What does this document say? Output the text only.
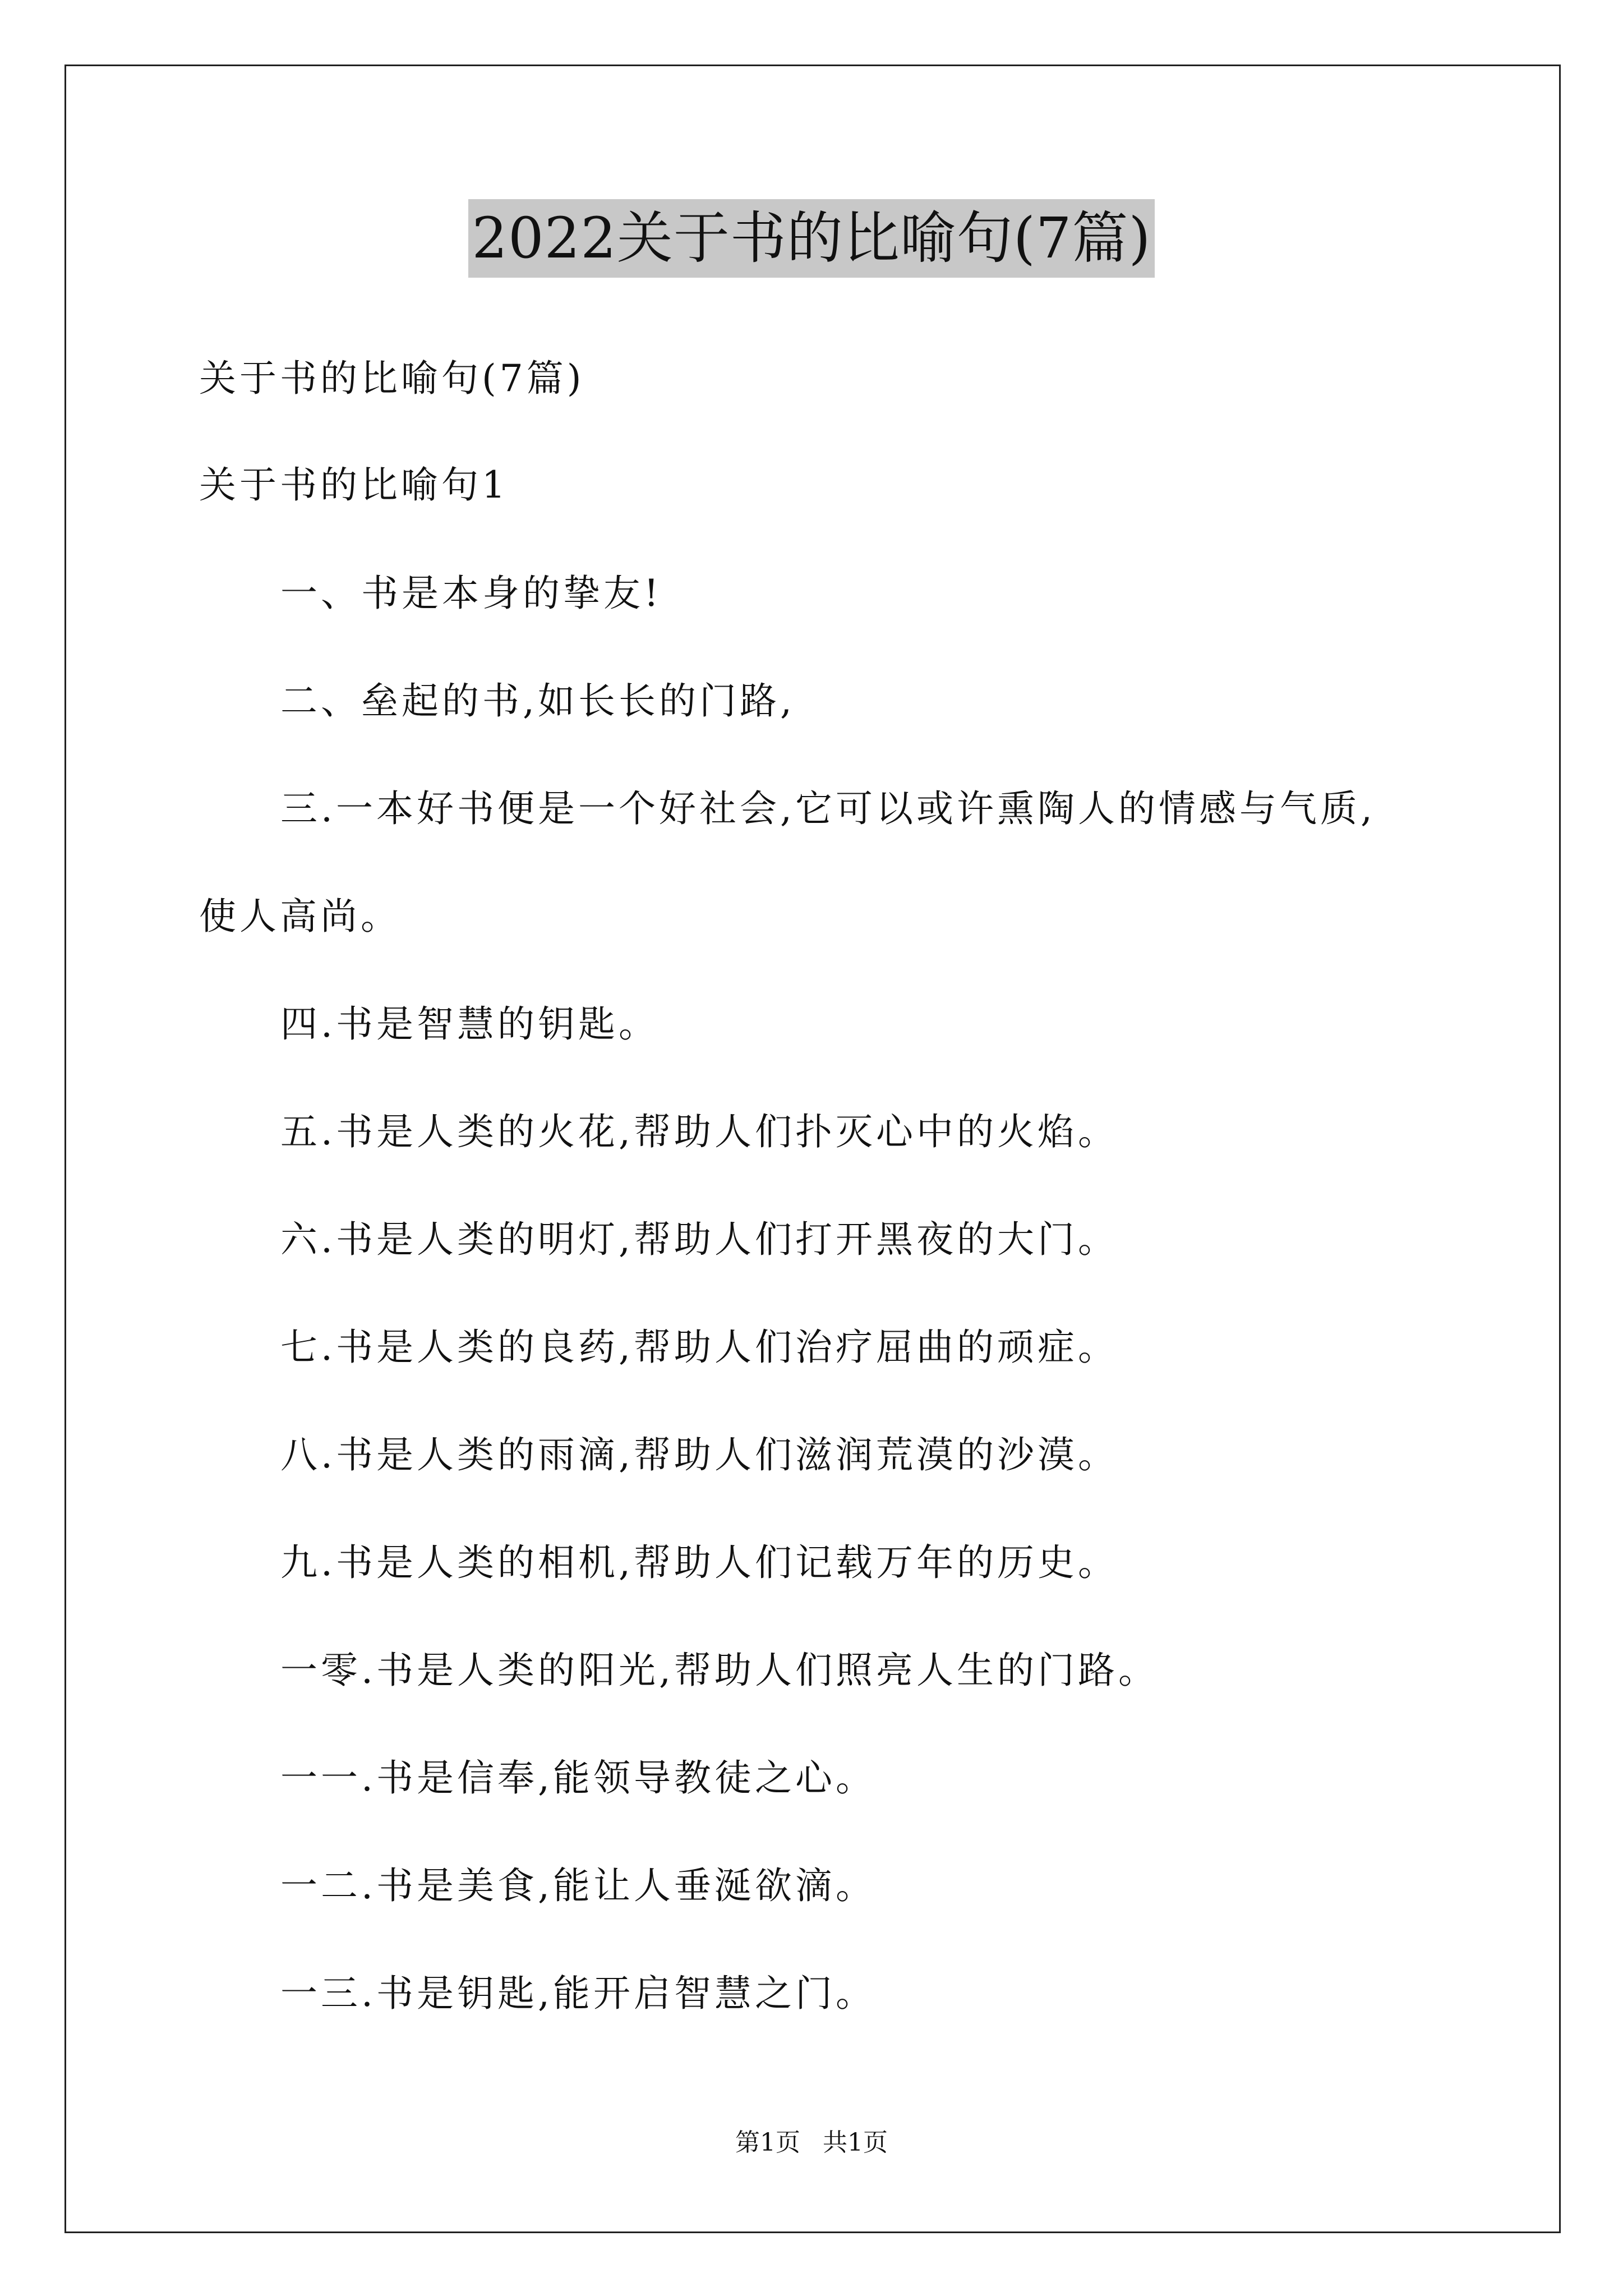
2022关于书的比喻句(7篇)
关于书的比喻句(7篇)
关于书的比喻句1
一、书是本身的挚友!
二、垒起的书,如长长的门路,
三.一本好书便是一个好社会,它可以或许熏陶人的情感与气质,
使人高尚。
四.书是智慧的钥匙。
五.书是人类的火花,帮助人们扑灭心中的火焰。
六.书是人类的明灯,帮助人们打开黑夜的大门。
七.书是人类的良药,帮助人们治疗屈曲的顽症。
八.书是人类的雨滴,帮助人们滋润荒漠的沙漠。
九.书是人类的相机,帮助人们记载万年的历史。
一零.书是人类的阳光,帮助人们照亮人生的门路。
一一.书是信奉,能领导教徒之心。
一二.书是美食,能让人垂涎欲滴。
一三.书是钥匙,能开启智慧之门。
第1页 共1页
